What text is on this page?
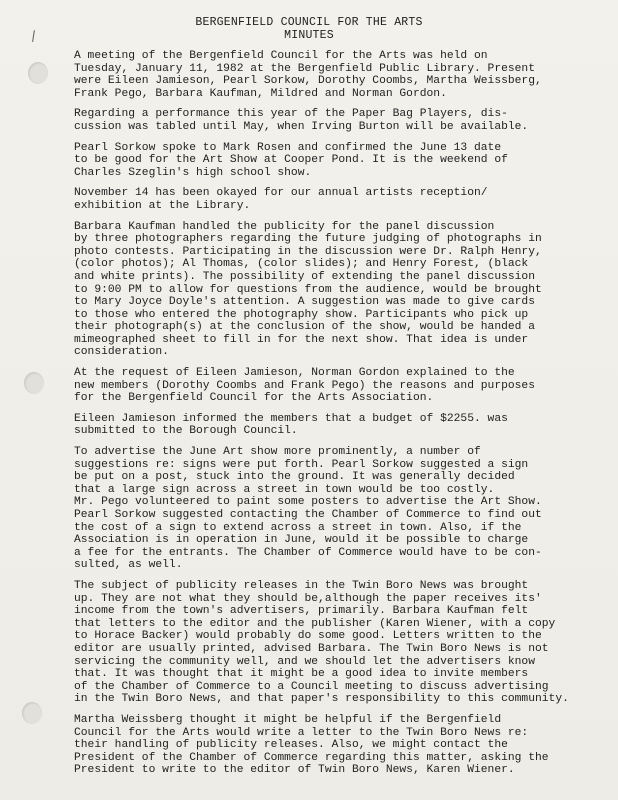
/
BERGENFIELD COUNCIL FOR THE ARTS
MINUTES

A meeting of the Bergenfield Council for the Arts was held on
Tuesday, January 11, 1982 at the Bergenfield Public Library. Present
were Eileen Jamieson, Pearl Sorkow, Dorothy Coombs, Martha Weissberg,
Frank Pego, Barbara Kaufman, Mildred and Norman Gordon.

Regarding a performance this year of the Paper Bag Players, dis-
cussion was tabled until May, when Irving Burton will be available.

Pearl Sorkow spoke to Mark Rosen and confirmed the June 13 date
to be good for the Art Show at Cooper Pond. It is the weekend of
Charles Szeglin's high school show.

November 14 has been okayed for our annual artists reception/
exhibition at the Library.

Barbara Kaufman handled the publicity for the panel discussion
by three photographers regarding the future judging of photographs in
photo contests. Participating in the discussion were Dr. Ralph Henry,
(color photos); Al Thomas, (color slides); and Henry Forest, (black
and white prints). The possibility of extending the panel discussion
to 9:00 PM to allow for questions from the audience, would be brought
to Mary Joyce Doyle's attention. A suggestion was made to give cards
to those who entered the photography show. Participants who pick up
their photograph(s) at the conclusion of the show, would be handed a
mimeographed sheet to fill in for the next show. That idea is under
consideration.

At the request of Eileen Jamieson, Norman Gordon explained to the
new members (Dorothy Coombs and Frank Pego) the reasons and purposes
for the Bergenfield Council for the Arts Association.

Eileen Jamieson informed the members that a budget of $2255. was
submitted to the Borough Council.

To advertise the June Art show more prominently, a number of
suggestions re: signs were put forth. Pearl Sorkow suggested a sign
be put on a post, stuck into the ground. It was generally decided
that a large sign across a street in town would be too costly.
Mr. Pego volunteered to paint some posters to advertise the Art Show.
Pearl Sorkow suggested contacting the Chamber of Commerce to find out
the cost of a sign to extend across a street in town. Also, if the
Association is in operation in June, would it be possible to charge
a fee for the entrants. The Chamber of Commerce would have to be con-
sulted, as well.

The subject of publicity releases in the Twin Boro News was brought
up. They are not what they should be,although the paper receives its'
income from the town's advertisers, primarily. Barbara Kaufman felt
that letters to the editor and the publisher (Karen Wiener, with a copy
to Horace Backer) would probably do some good. Letters written to the
editor are usually printed, advised Barbara. The Twin Boro News is not
servicing the community well, and we should let the advertisers know
that. It was thought that it might be a good idea to invite members
of the Chamber of Commerce to a Council meeting to discuss advertising
in the Twin Boro News, and that paper's responsibility to this community.

Martha Weissberg thought it might be helpful if the Bergenfield
Council for the Arts would write a letter to the Twin Boro News re:
their handling of publicity releases. Also, we might contact the
President of the Chamber of Commerce regarding this matter, asking the
President to write to the editor of Twin Boro News, Karen Wiener.
